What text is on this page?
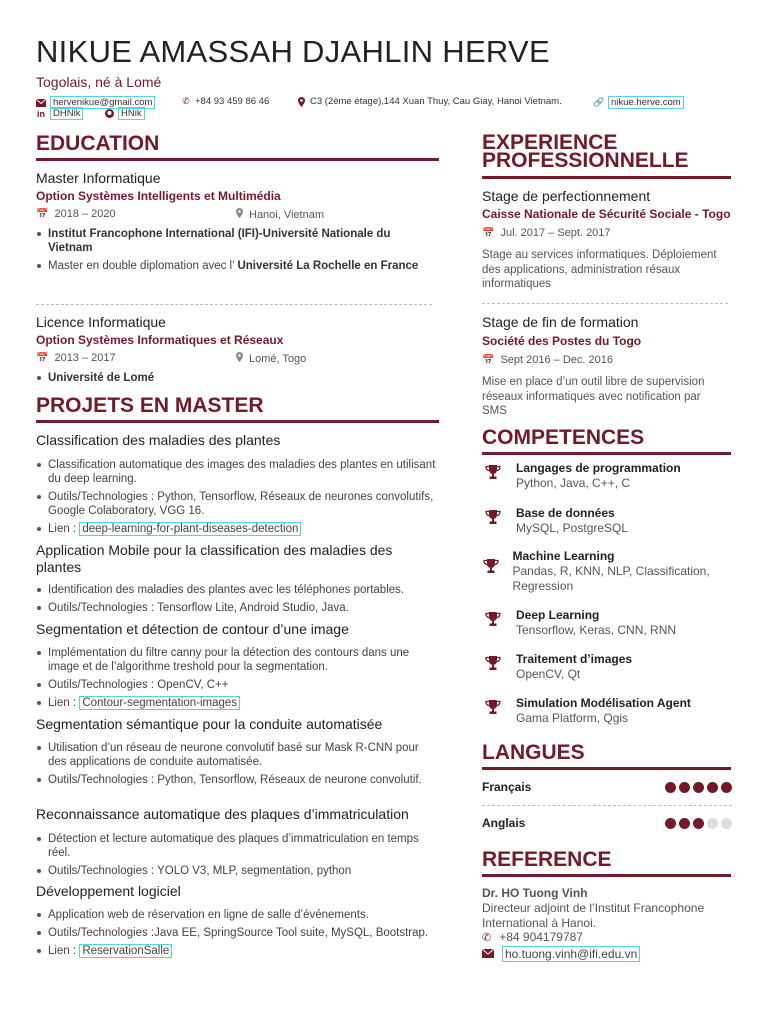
NIKUE AMASSAH DJAHLIN HERVE
Togolais, né à Lomé
hervenikue@gmail.com	✆ +84 93 459 86 46	C3 (2ème étage),144 Xuan Thuy, Cau Giay, Hanoi Vietnam.	🔗 nikue.herve.com
in DHNik	HNik
EDUCATION
Master Informatique
Option Systèmes Intelligents et Multimédia
📅 2018 – 2020	Hanoi, Vietnam
Institut Francophone International (IFI)-Université Nationale du Vietnam
Master en double diplomation avec l’ Université La Rochelle en France
Licence Informatique
Option Systèmes Informatiques et Réseaux
📅 2013 – 2017	Lomé, Togo
Université de Lomé
PROJETS EN MASTER
Classification des maladies des plantes
Classification automatique des images des maladies des plantes en utilisant du deep learning.
Outils/Technologies : Python, Tensorflow, Réseaux de neurones convolutifs, Google Colaboratory, VGG 16.
Lien : deep-learning-for-plant-diseases-detection
Application Mobile pour la classification des maladies des plantes
Identification des maladies des plantes avec les téléphones portables.
Outils/Technologies : Tensorflow Lite, Android Studio, Java.
Segmentation et détection de contour d’une image
Implémentation du filtre canny pour la détection des contours dans une image et de l’algorithme treshold pour la segmentation.
Outils/Technologies : OpenCV, C++
Lien : Contour-segmentation-images
Segmentation sémantique pour la conduite automatisée
Utilisation d’un réseau de neurone convolutif basé sur Mask R-CNN pour des applications de conduite automatisée.
Outils/Technologies : Python, Tensorflow, Réseaux de neurone convolutif.
Reconnaissance automatique des plaques d’immatriculation
Détection et lecture automatique des plaques d’immatriculation en temps réel.
Outils/Technologies : YOLO V3, MLP, segmentation, python
Développement logiciel
Application web de réservation en ligne de salle d’événements.
Outils/Technologies :Java EE, SpringSource Tool suite, MySQL, Bootstrap.
Lien : ReservationSalle
EXPERIENCE
PROFESSIONNELLE
Stage de perfectionnement
Caisse Nationale de Sécurité Sociale - Togo
📅 Jul. 2017 – Sept. 2017
Stage au services informatiques. Déploiement des applications, administration résaux informatiques
Stage de fin de formation
Société des Postes du Togo
📅 Sept 2016 – Dec. 2016
Mise en place d’un outil libre de supervision réseaux informatiques avec notification par SMS
COMPETENCES
Langages de programmation
Python, Java, C++, C
Base de données
MySQL, PostgreSQL
Machine Learning
Pandas, R, KNN, NLP, Classification, Regression
Deep Learning
Tensorflow, Keras, CNN, RNN
Traitement d’images
OpenCV, Qt
Simulation Modélisation Agent
Gama Platform, Qgis
LANGUES
Français
Anglais
REFERENCE
Dr. HO Tuong Vinh
Directeur adjoint de l’Institut Francophone International à Hanoi.
✆ +84 904179787
ho.tuong.vinh@ifi.edu.vn
